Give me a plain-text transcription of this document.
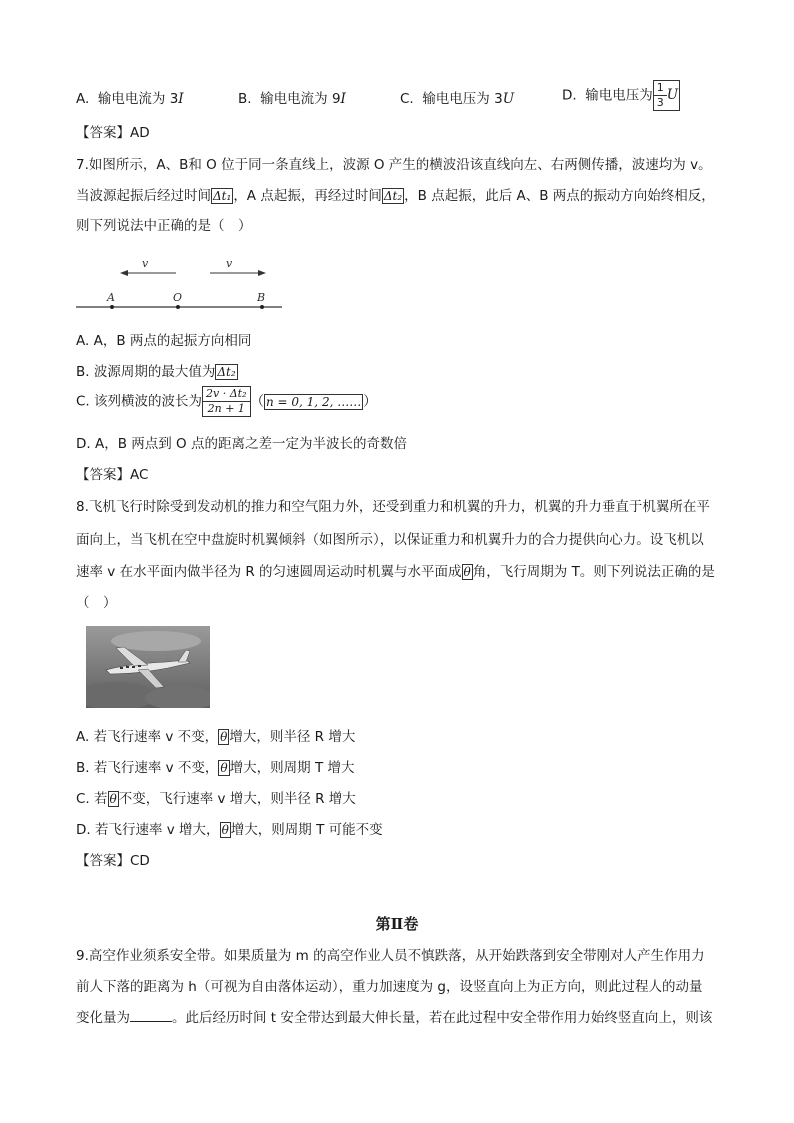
A. 输电电流为 3I	B. 输电电流为 9I	C. 输电电压为 3U	D. 输电电压为 $\frac{1}{3}$ U
【答案】AD
7.如图所示，A、B和 O 位于同一条直线上，波源 O 产生的横波沿该直线向左、右两侧传播，波速均为 v。
当波源起振后经过时间 Δt₁ ，A 点起振，再经过时间 Δt₂ ，B 点起振，此后 A、B 两点的振动方向始终相反，
则下列说法中正确的是（　）
v	v
A	O	B
A. A，B 两点的起振方向相同
B. 波源周期的最大值为 Δt₂
C. 该列横波的波长为 $\frac{\text{2v · Δt₂}}{2n + 1}$ （ n = 0, 1, 2, …… ）
D. A，B 两点到 O 点的距离之差一定为半波长的奇数倍
【答案】AC
8.飞机飞行时除受到发动机的推力和空气阻力外，还受到重力和机翼的升力，机翼的升力垂直于机翼所在平
面向上，当飞机在空中盘旋时机翼倾斜（如图所示），以保证重力和机翼升力的合力提供向心力。设飞机以
速率 v 在水平面内做半径为 R 的匀速圆周运动时机翼与水平面成 θ 角，飞行周期为 T。则下列说法正确的是
（　）
A. 若飞行速率 v 不变， θ 增大，则半径 R 增大
B. 若飞行速率 v 不变， θ 增大，则周期 T 增大
C. 若 θ 不变，飞行速率 v 增大，则半径 R 增大
D. 若飞行速率 v 增大， θ 增大，则周期 T 可能不变
【答案】CD
第Ⅱ卷
9.高空作业须系安全带。如果质量为 m 的高空作业人员不慎跌落，从开始跌落到安全带刚对人产生作用力
前人下落的距离为 h（可视为自由落体运动），重力加速度为 g，设竖直向上为正方向，则此过程人的动量
变化量为	。此后经历时间 t 安全带达到最大伸长量，若在此过程中安全带作用力始终竖直向上，则该
